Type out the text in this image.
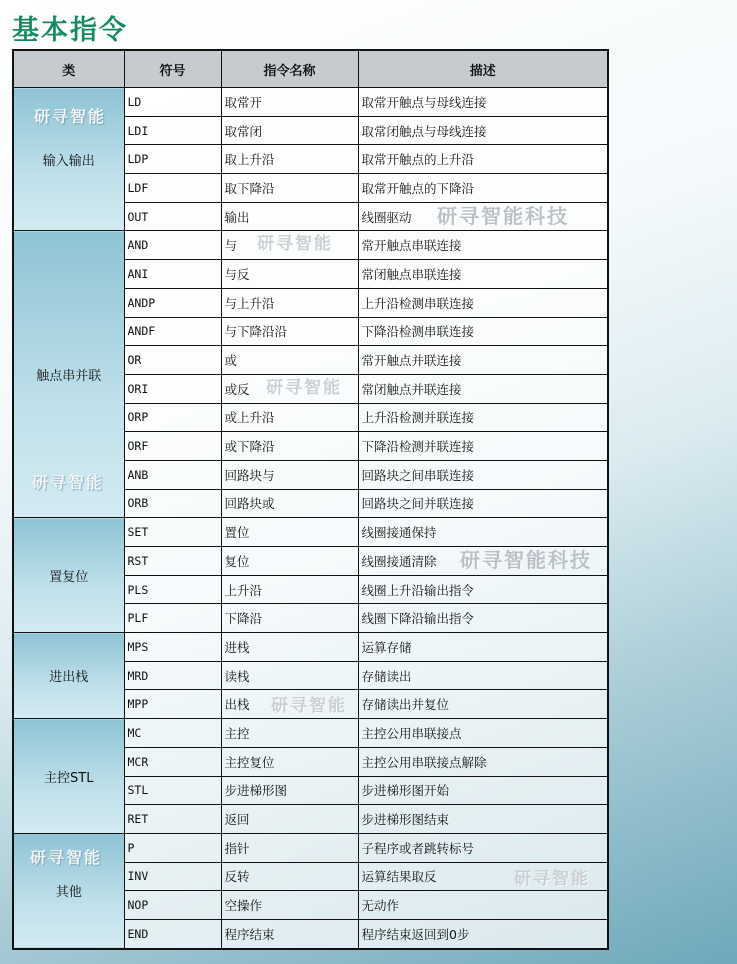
基本指令
类	符号	指令名称	描述
输入输出	LD	取常开	取常开触点与母线连接
	LDI	取常闭	取常闭触点与母线连接
	LDP	取上升沿	取常开触点的上升沿
	LDF	取下降沿	取常开触点的下降沿
	OUT	输出	线圈驱动
触点串并联	AND	与	常开触点串联连接
	ANI	与反	常闭触点串联连接
	ANDP	与上升沿	上升沿检测串联连接
	ANDF	与下降沿沿	下降沿检测串联连接
	OR	或	常开触点并联连接
	ORI	或反	常闭触点并联连接
	ORP	或上升沿	上升沿检测并联连接
	ORF	或下降沿	下降沿检测并联连接
	ANB	回路块与	回路块之间串联连接
	ORB	回路块或	回路块之间并联连接
置复位	SET	置位	线圈接通保持
	RST	复位	线圈接通清除
	PLS	上升沿	线圈上升沿输出指令
	PLF	下降沿	线圈下降沿输出指令
进出栈	MPS	进栈	运算存储
	MRD	读栈	存储读出
	MPP	出栈	存储读出并复位
主控STL	MC	主控	主控公用串联接点
	MCR	主控复位	主控公用串联接点解除
	STL	步进梯形图	步进梯形图开始
	RET	返回	步进梯形图结束
其他	P	指针	子程序或者跳转标号
	INV	反转	运算结果取反
	NOP	空操作	无动作
	END	程序结束	程序结束返回到0步
研寻智能
研寻智能
研寻智能
研寻智能科技
研寻智能
研寻智能
研寻智能科技
研寻智能
研寻智能
